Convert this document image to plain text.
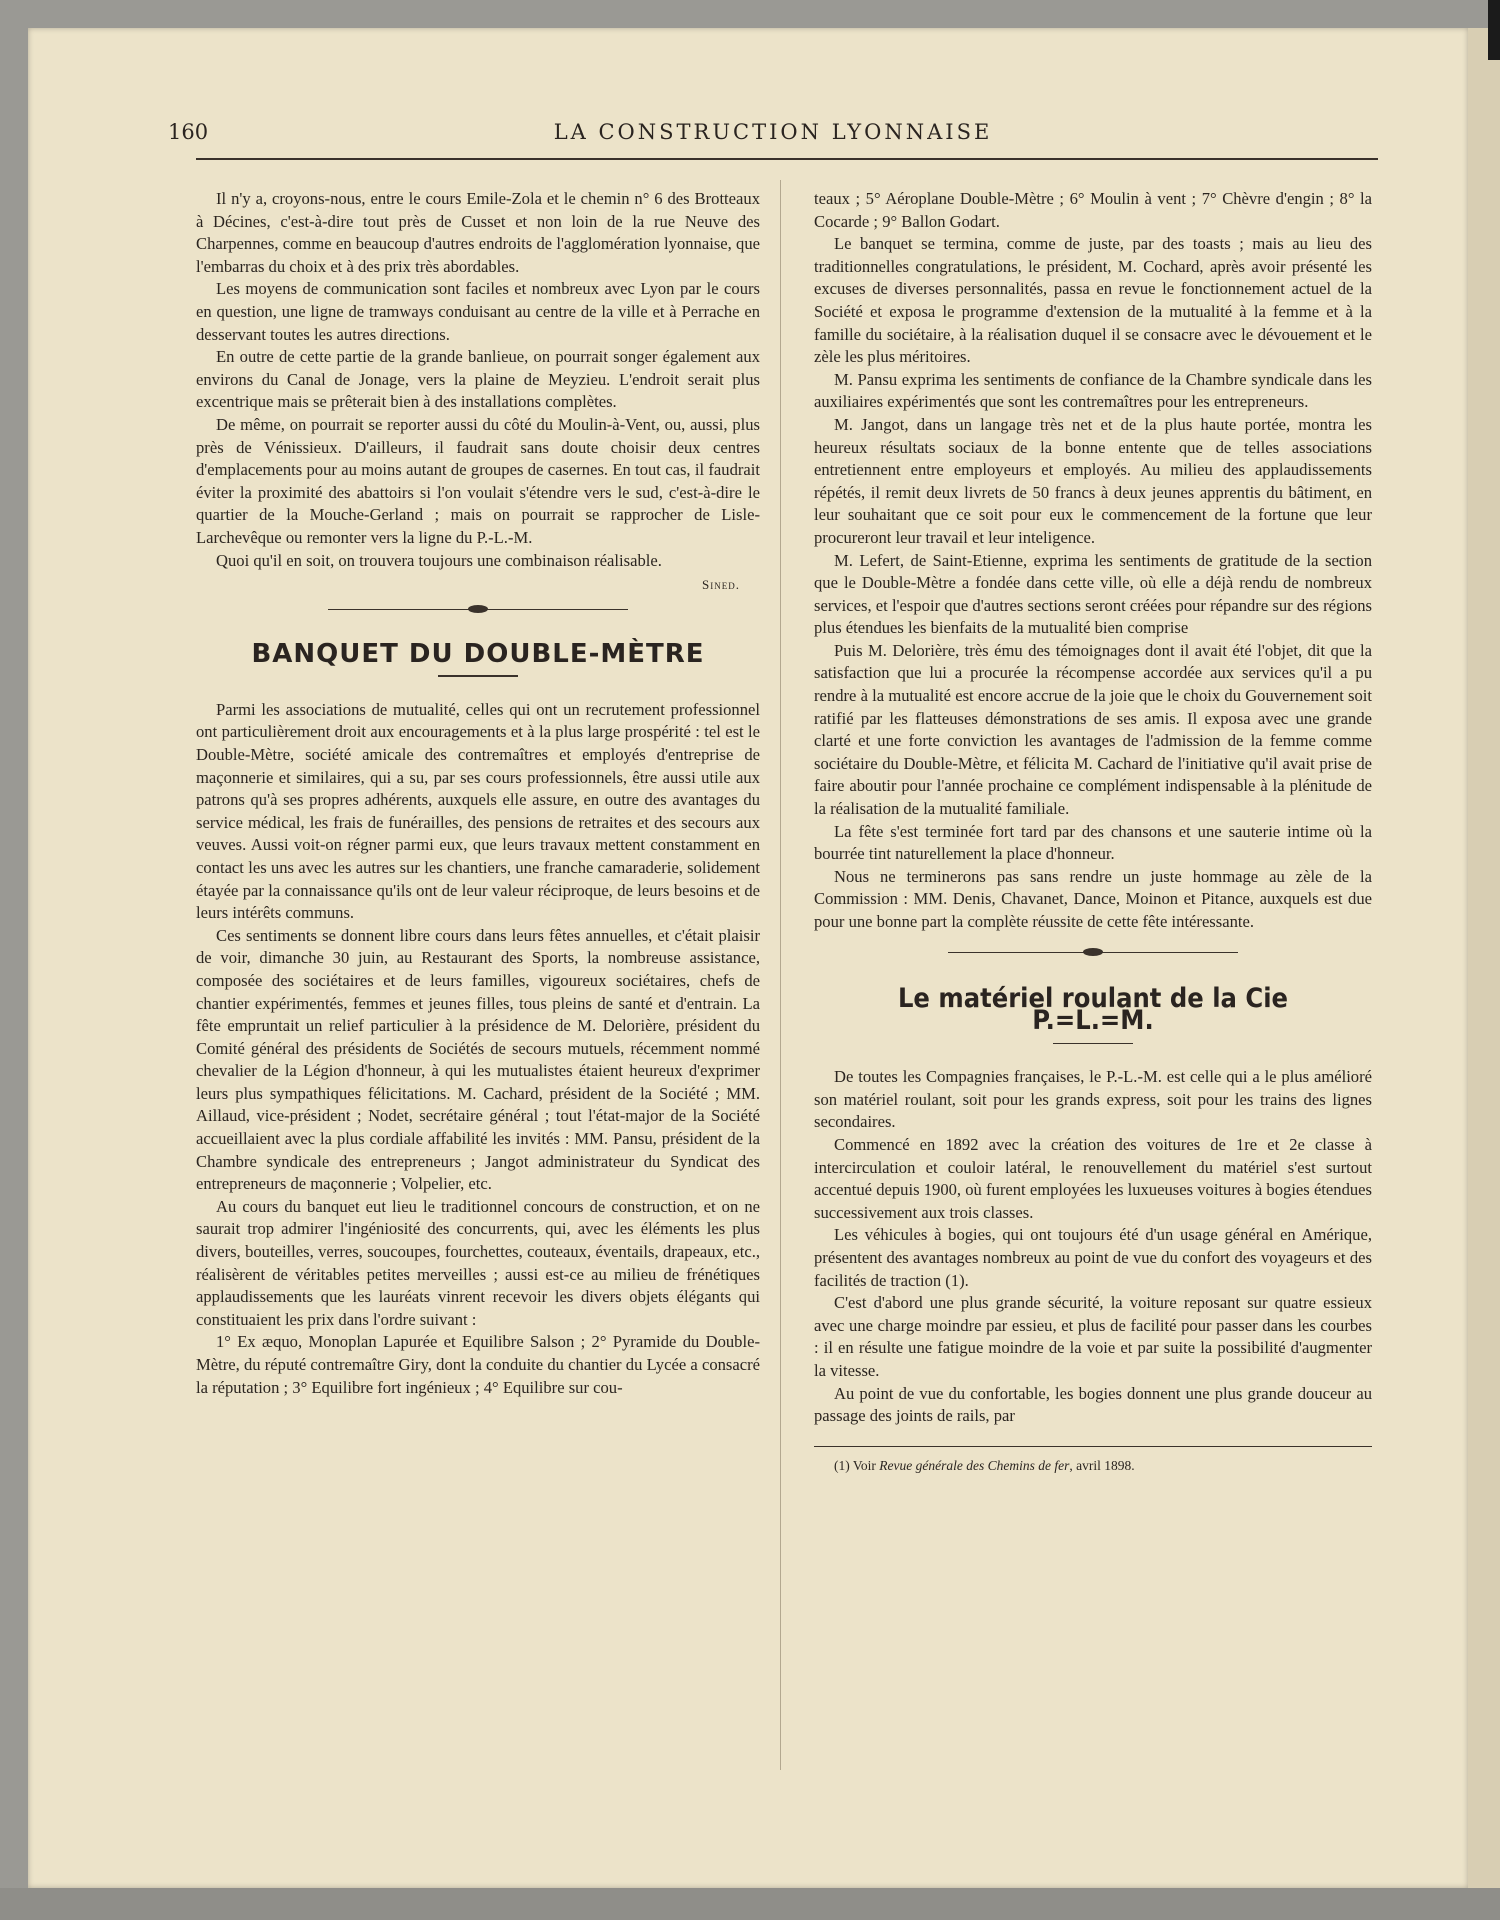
LA CONSTRUCTION LYONNAISE
160

Il n'y a, croyons-nous, entre le cours Emile-Zola et le chemin n° 6 des Brotteaux à Décines, c'est-à-dire tout près de Cusset et non loin de la rue Neuve des Charpennes, comme en beaucoup d'autres endroits de l'agglomération lyonnaise, que l'embarras du choix et à des prix très abordables.

Les moyens de communication sont faciles et nombreux avec Lyon par le cours en question, une ligne de tramways conduisant au centre de la ville et à Perrache en desservant toutes les autres directions.

En outre de cette partie de la grande banlieue, on pourrait songer également aux environs du Canal de Jonage, vers la plaine de Meyzieu. L'endroit serait plus excentrique mais se prêterait bien à des installations complètes.

De même, on pourrait se reporter aussi du côté du Moulin-à-Vent, ou, aussi, plus près de Vénissieux. D'ailleurs, il faudrait sans doute choisir deux centres d'emplacements pour au moins autant de groupes de casernes. En tout cas, il faudrait éviter la proximité des abattoirs si l'on voulait s'étendre vers le sud, c'est-à-dire le quartier de la Mouche-Gerland ; mais on pourrait se rapprocher de Lisle-Larchevêque ou remonter vers la ligne du P.-L.-M.

Quoi qu'il en soit, on trouvera toujours une combinaison réalisable.

Sined.
BANQUET DU DOUBLE-MÈTRE

Parmi les associations de mutualité, celles qui ont un recrutement professionnel ont particulièrement droit aux encouragements et à la plus large prospérité : tel est le Double-Mètre, société amicale des contremaîtres et employés d'entreprise de maçonnerie et similaires, qui a su, par ses cours professionnels, être aussi utile aux patrons qu'à ses propres adhérents, auxquels elle assure, en outre des avantages du service médical, les frais de funérailles, des pensions de retraites et des secours aux veuves. Aussi voit-on régner parmi eux, que leurs travaux mettent constamment en contact les uns avec les autres sur les chantiers, une franche camaraderie, solidement étayée par la connaissance qu'ils ont de leur valeur réciproque, de leurs besoins et de leurs intérêts communs.

Ces sentiments se donnent libre cours dans leurs fêtes annuelles, et c'était plaisir de voir, dimanche 30 juin, au Restaurant des Sports, la nombreuse assistance, composée des sociétaires et de leurs familles, vigoureux sociétaires, chefs de chantier expérimentés, femmes et jeunes filles, tous pleins de santé et d'entrain. La fête empruntait un relief particulier à la présidence de M. Delorière, président du Comité général des présidents de Sociétés de secours mutuels, récemment nommé chevalier de la Légion d'honneur, à qui les mutualistes étaient heureux d'exprimer leurs plus sympathiques félicitations. M. Cachard, président de la Société ; MM. Aillaud, vice-président ; Nodet, secrétaire général ; tout l'état-major de la Société accueillaient avec la plus cordiale affabilité les invités : MM. Pansu, président de la Chambre syndicale des entrepreneurs ; Jangot administrateur du Syndicat des entrepreneurs de maçonnerie ; Volpelier, etc.

Au cours du banquet eut lieu le traditionnel concours de construction, et on ne saurait trop admirer l'ingéniosité des concurrents, qui, avec les éléments les plus divers, bouteilles, verres, soucoupes, fourchettes, couteaux, éventails, drapeaux, etc., réalisèrent de véritables petites merveilles ; aussi est-ce au milieu de frénétiques applaudissements que les lauréats vinrent recevoir les divers objets élégants qui constituaient les prix dans l'ordre suivant :

1° Ex æquo, Monoplan Lapurée et Equilibre Salson ; 2° Pyramide du Double-Mètre, du réputé contremaître Giry, dont la conduite du chantier du Lycée a consacré la réputation ; 3° Equilibre fort ingénieux ; 4° Equilibre sur cou-

teaux ; 5° Aéroplane Double-Mètre ; 6° Moulin à vent ; 7° Chèvre d'engin ; 8° la Cocarde ; 9° Ballon Godart.

Le banquet se termina, comme de juste, par des toasts ; mais au lieu des traditionnelles congratulations, le président, M. Cochard, après avoir présenté les excuses de diverses personnalités, passa en revue le fonctionnement actuel de la Société et exposa le programme d'extension de la mutualité à la femme et à la famille du sociétaire, à la réalisation duquel il se consacre avec le dévouement et le zèle les plus méritoires.

M. Pansu exprima les sentiments de confiance de la Chambre syndicale dans les auxiliaires expérimentés que sont les contremaîtres pour les entrepreneurs.

M. Jangot, dans un langage très net et de la plus haute portée, montra les heureux résultats sociaux de la bonne entente que de telles associations entretiennent entre employeurs et employés. Au milieu des applaudissements répétés, il remit deux livrets de 50 francs à deux jeunes apprentis du bâtiment, en leur souhaitant que ce soit pour eux le commencement de la fortune que leur procureront leur travail et leur inteligence.

M. Lefert, de Saint-Etienne, exprima les sentiments de gratitude de la section que le Double-Mètre a fondée dans cette ville, où elle a déjà rendu de nombreux services, et l'espoir que d'autres sections seront créées pour répandre sur des régions plus étendues les bienfaits de la mutualité bien comprise

Puis M. Delorière, très ému des témoignages dont il avait été l'objet, dit que la satisfaction que lui a procurée la récompense accordée aux services qu'il a pu rendre à la mutualité est encore accrue de la joie que le choix du Gouvernement soit ratifié par les flatteuses démonstrations de ses amis. Il exposa avec une grande clarté et une forte conviction les avantages de l'admission de la femme comme sociétaire du Double-Mètre, et félicita M. Cachard de l'initiative qu'il avait prise de faire aboutir pour l'année prochaine ce complément indispensable à la plénitude de la réalisation de la mutualité familiale.

La fête s'est terminée fort tard par des chansons et une sauterie intime où la bourrée tint naturellement la place d'honneur.

Nous ne terminerons pas sans rendre un juste hommage au zèle de la Commission : MM. Denis, Chavanet, Dance, Moinon et Pitance, auxquels est due pour une bonne part la complète réussite de cette fête intéressante.

Le matériel roulant de la Cie P.=L.=M.

De toutes les Compagnies françaises, le P.-L.-M. est celle qui a le plus amélioré son matériel roulant, soit pour les grands express, soit pour les trains des lignes secondaires.

Commencé en 1892 avec la création des voitures de 1re et 2e classe à intercirculation et couloir latéral, le renouvellement du matériel s'est surtout accentué depuis 1900, où furent employées les luxueuses voitures à bogies étendues successivement aux trois classes.

Les véhicules à bogies, qui ont toujours été d'un usage général en Amérique, présentent des avantages nombreux au point de vue du confort des voyageurs et des facilités de traction (1).

C'est d'abord une plus grande sécurité, la voiture reposant sur quatre essieux avec une charge moindre par essieu, et plus de facilité pour passer dans les courbes : il en résulte une fatigue moindre de la voie et par suite la possibilité d'augmenter la vitesse.

Au point de vue du confortable, les bogies donnent une plus grande douceur au passage des joints de rails, par

(1) Voir Revue générale des Chemins de fer, avril 1898.
